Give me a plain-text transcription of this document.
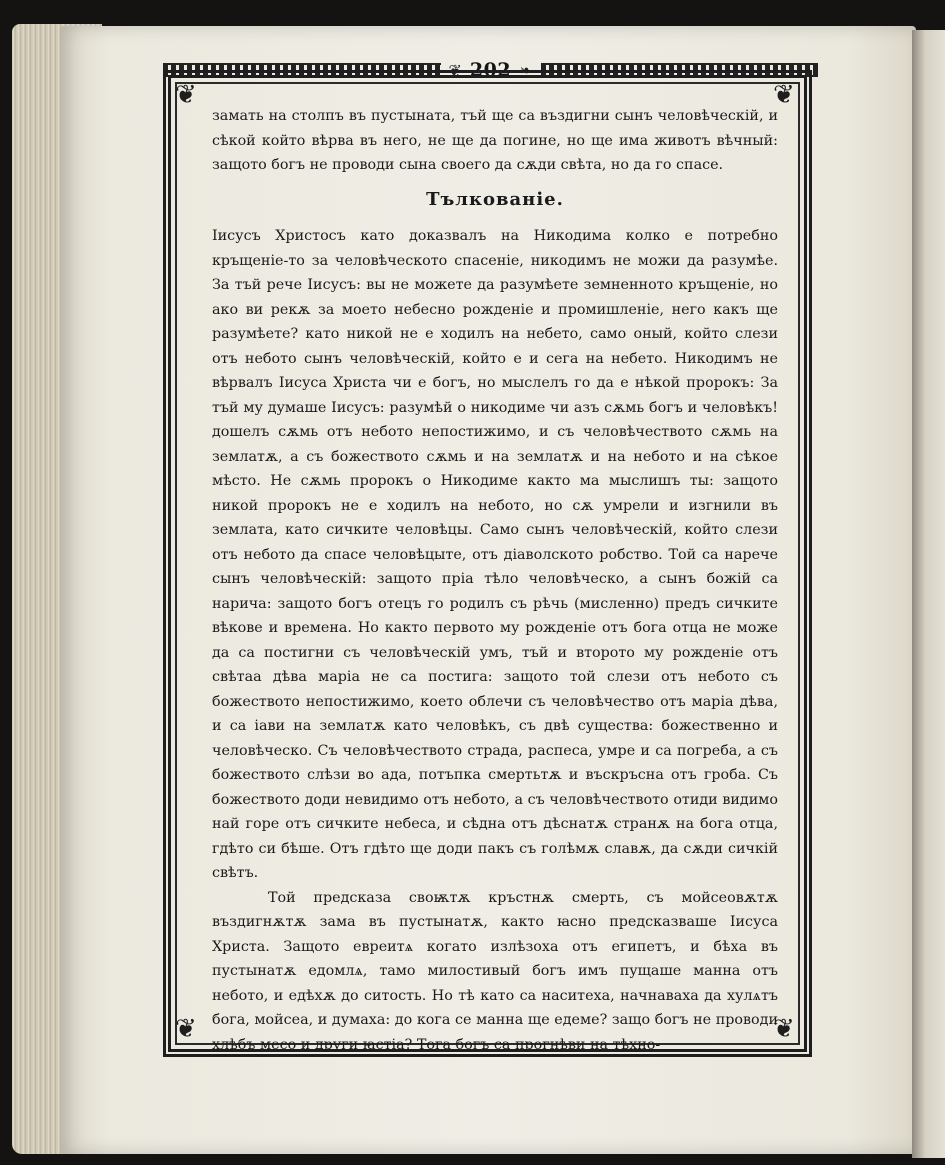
❦ 202 ❧
❦	❦
❦	❦

замать на столпъ въ пустыната, тъй ще са въздигни сынъ человѣческій, и сѣкой който вѣрва въ него, не ще да погине, но ще има животъ вѣчный: защото богъ не проводи сына своего да сѫди свѣта, но да го спасе.

Тълкованіе.

Іисусъ Христосъ като доказвалъ на Никодима колко е потребно кръщеніе-то за человѣческото спасеніе, никодимъ не можи да разумѣе. За тъй рече Іисусъ: вы не можете да разумѣете земненното кръщеніе, но ако ви рекѫ за моето небесно рожденіе и промишленіе, него какъ ще разумѣете? като никой не е ходилъ на небето, само оный, който слези отъ небото сынъ человѣческій, който е и сега на небето. Никодимъ не вѣрвалъ Іисуса Христа чи е богъ, но мыслелъ го да е нѣкой пророкъ: За тъй му думаше Іисусъ: разумѣй о никодиме чи азъ сѫмь богъ и человѣкъ! дошелъ сѫмь отъ небото непостижимо, и съ человѣчеството сѫмь на землатѫ, а съ божеството сѫмь и на землатѫ и на небото и на сѣкое мѣсто. Не сѫмь пророкъ о Никодиме както ма мыслишъ ты: защото никой пророкъ не е ходилъ на небото, но сѫ умрели и изгнили въ землата, като сичките человѣцы. Само сынъ человѣческій, който слези отъ небото да спасе человѣцыте, отъ діаволското робство. Той са нарече сынъ человѣческій: защото пріа тѣло человѣческо, а сынъ божій са нарича: защото богъ отецъ го родилъ съ рѣчь (мисленно) предъ сичките вѣкове и времена. Но както первото му рожденіе отъ бога отца не може да са постигни съ человѣческій умъ, тъй и второто му рожденіе отъ свѣтаа дѣва маріа не са постига: защото той слези отъ небото съ божеството непостижимо, което облечи съ человѣчество отъ маріа дѣва, и са іави на землатѫ като человѣкъ, съ двѣ существа: божественно и человѣческо. Съ человѣчеството страда, распеса, умре и са погреба, а съ божеството слѣзи во ада, потъпка смертьтѫ и въскръсна отъ гроба. Съ божеството доди невидимо отъ небото, а съ человѣчеството отиди видимо най горе отъ сичките небеса, и сѣдна отъ дѣснатѫ странѫ на бога отца, гдѣто си бѣше. Отъ гдѣто ще доди пакъ съ голѣмѫ славѫ, да сѫди сичкій свѣтъ.

Той предсказа своѭтѫ кръстнѫ смерть, съ мойсеовѫтѫ въздигнѫтѫ зама въ пустынатѫ, както ꙗсно предсказваше Іисуса Христа. Защото евреитѧ когато излѣзоха отъ египетъ, и бѣха въ пустынатѫ едомлѧ, тамо милостивый богъ имъ пущаше манна отъ небото, и едѣхѫ до ситость. Но тѣ като са наситеха, начнаваха да хулѧтъ бога, мойсеа, и думаха: до кога се манна ще едеме? защо богъ не проводи хлѣбъ месо и други ꙗстіа? Тога богъ са прогнѣви на тѣхно-
